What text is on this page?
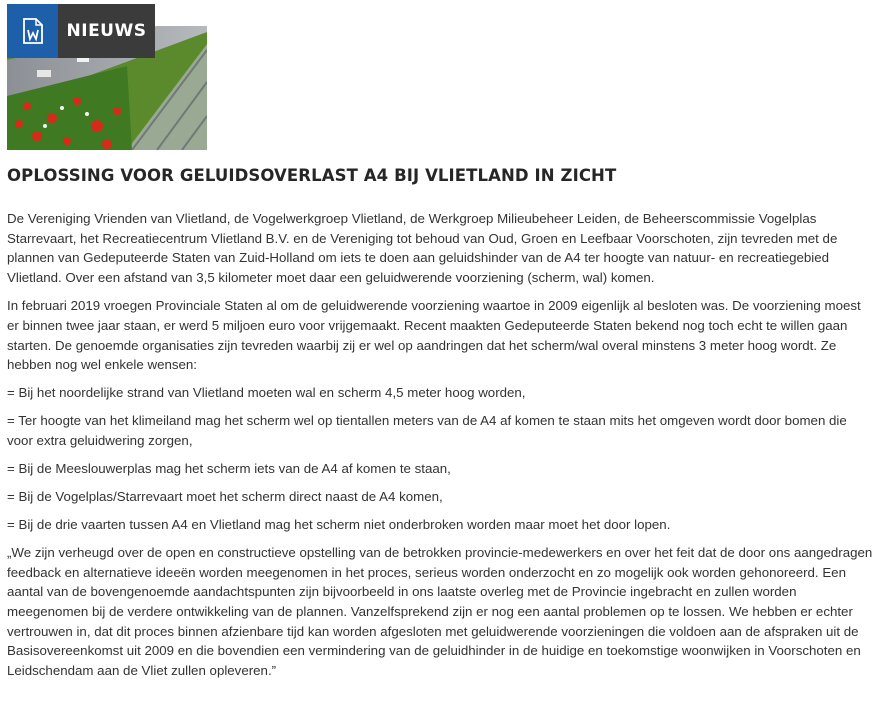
NIEUWS
OPLOSSING VOOR GELUIDSOVERLAST A4 BIJ VLIETLAND IN ZICHT

De Vereniging Vrienden van Vlietland, de Vogelwerkgroep Vlietland, de Werkgroep Milieubeheer Leiden, de Beheerscommissie Vogelplas Starrevaart, het Recreatiecentrum Vlietland B.V. en de Vereniging tot behoud van Oud, Groen en Leefbaar Voorschoten, zijn tevreden met de plannen van Gedeputeerde Staten van Zuid-Holland om iets te doen aan geluidshinder van de A4 ter hoogte van natuur- en recreatiegebied Vlietland. Over een afstand van 3,5 kilometer moet daar een geluidwerende voorziening (scherm, wal) komen.

In februari 2019 vroegen Provinciale Staten al om de geluidwerende voorziening waartoe in 2009 eigenlijk al besloten was. De voorziening moest er binnen twee jaar staan, er werd 5 miljoen euro voor vrijgemaakt. Recent maakten Gedeputeerde Staten bekend nog toch echt te willen gaan starten. De genoemde organisaties zijn tevreden waarbij zij er wel op aandringen dat het scherm/wal overal minstens 3 meter hoog wordt. Ze hebben nog wel enkele wensen:

= Bij het noordelijke strand van Vlietland moeten wal en scherm 4,5 meter hoog worden,

= Ter hoogte van het klimeiland mag het scherm wel op tientallen meters van de A4 af komen te staan mits het omgeven wordt door bomen die voor extra geluidwering zorgen,

= Bij de Meeslouwerplas mag het scherm iets van de A4 af komen te staan,

= Bij de Vogelplas/Starrevaart moet het scherm direct naast de A4 komen,

= Bij de drie vaarten tussen A4 en Vlietland mag het scherm niet onderbroken worden maar moet het door lopen.

„We zijn verheugd over de open en constructieve opstelling van de betrokken provincie-medewerkers en over het feit dat de door ons aangedragen feedback en alternatieve ideeën worden meegenomen in het proces, serieus worden onderzocht en zo mogelijk ook worden gehonoreerd. Een aantal van de bovengenoemde aandachtspunten zijn bijvoorbeeld in ons laatste overleg met de Provincie ingebracht en zullen worden meegenomen bij de verdere ontwikkeling van de plannen. Vanzelfsprekend zijn er nog een aantal problemen op te lossen. We hebben er echter vertrouwen in, dat dit proces binnen afzienbare tijd kan worden afgesloten met geluidwerende voorzieningen die voldoen aan de afspraken uit de Basisovereenkomst uit 2009 en die bovendien een vermindering van de geluidhinder in de huidige en toekomstige woonwijken in Voorschoten en Leidschendam aan de Vliet zullen opleveren.”
